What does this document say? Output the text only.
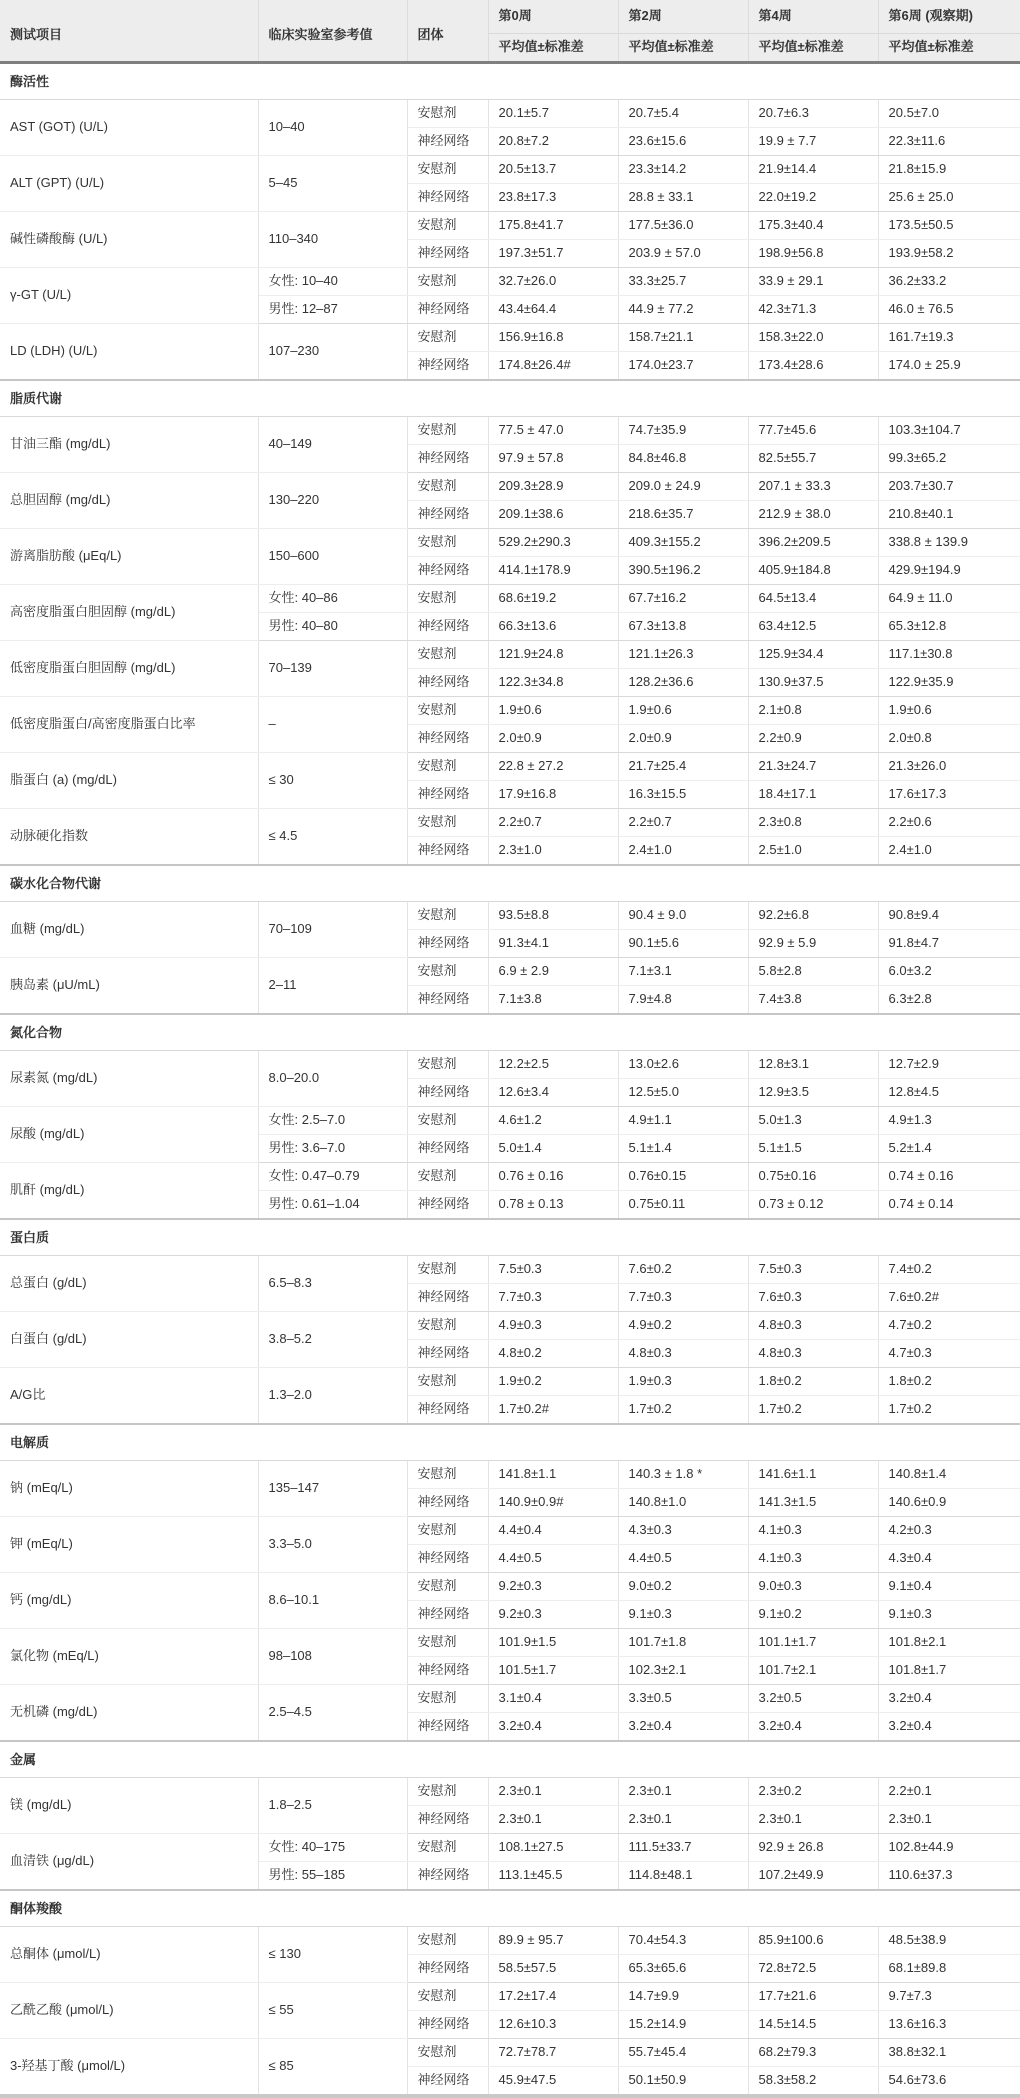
测试项目	临床实验室参考值	团体	第0周	第2周	第4周	第6周 (观察期)
			平均值±标准差	平均值±标准差	平均值±标准差	平均值±标准差
酶活性						
AST (GOT) (U/L)	10–40	安慰剂	20.1±5.7	20.7±5.4	20.7±6.3	20.5±7.0
		神经网络	20.8±7.2	23.6±15.6	19.9 ± 7.7	22.3±11.6
ALT (GPT) (U/L)	5–45	安慰剂	20.5±13.7	23.3±14.2	21.9±14.4	21.8±15.9
		神经网络	23.8±17.3	28.8 ± 33.1	22.0±19.2	25.6 ± 25.0
碱性磷酸酶 (U/L)	110–340	安慰剂	175.8±41.7	177.5±36.0	175.3±40.4	173.5±50.5
		神经网络	197.3±51.7	203.9 ± 57.0	198.9±56.8	193.9±58.2
γ-GT (U/L)	女性: 10–40	安慰剂	32.7±26.0	33.3±25.7	33.9 ± 29.1	36.2±33.2
	男性: 12–87	神经网络	43.4±64.4	44.9 ± 77.2	42.3±71.3	46.0 ± 76.5
LD (LDH) (U/L)	107–230	安慰剂	156.9±16.8	158.7±21.1	158.3±22.0	161.7±19.3
		神经网络	174.8±26.4#	174.0±23.7	173.4±28.6	174.0 ± 25.9
脂质代谢						
甘油三酯 (mg/dL)	40–149	安慰剂	77.5 ± 47.0	74.7±35.9	77.7±45.6	103.3±104.7
		神经网络	97.9 ± 57.8	84.8±46.8	82.5±55.7	99.3±65.2
总胆固醇 (mg/dL)	130–220	安慰剂	209.3±28.9	209.0 ± 24.9	207.1 ± 33.3	203.7±30.7
		神经网络	209.1±38.6	218.6±35.7	212.9 ± 38.0	210.8±40.1
游离脂肪酸 (μEq/L)	150–600	安慰剂	529.2±290.3	409.3±155.2	396.2±209.5	338.8 ± 139.9
		神经网络	414.1±178.9	390.5±196.2	405.9±184.8	429.9±194.9
高密度脂蛋白胆固醇 (mg/dL)	女性: 40–86	安慰剂	68.6±19.2	67.7±16.2	64.5±13.4	64.9 ± 11.0
	男性: 40–80	神经网络	66.3±13.6	67.3±13.8	63.4±12.5	65.3±12.8
低密度脂蛋白胆固醇 (mg/dL)	70–139	安慰剂	121.9±24.8	121.1±26.3	125.9±34.4	117.1±30.8
		神经网络	122.3±34.8	128.2±36.6	130.9±37.5	122.9±35.9
低密度脂蛋白/高密度脂蛋白比率	–	安慰剂	1.9±0.6	1.9±0.6	2.1±0.8	1.9±0.6
		神经网络	2.0±0.9	2.0±0.9	2.2±0.9	2.0±0.8
脂蛋白 (a) (mg/dL)	≤ 30	安慰剂	22.8 ± 27.2	21.7±25.4	21.3±24.7	21.3±26.0
		神经网络	17.9±16.8	16.3±15.5	18.4±17.1	17.6±17.3
动脉硬化指数	≤ 4.5	安慰剂	2.2±0.7	2.2±0.7	2.3±0.8	2.2±0.6
		神经网络	2.3±1.0	2.4±1.0	2.5±1.0	2.4±1.0
碳水化合物代谢						
血糖 (mg/dL)	70–109	安慰剂	93.5±8.8	90.4 ± 9.0	92.2±6.8	90.8±9.4
		神经网络	91.3±4.1	90.1±5.6	92.9 ± 5.9	91.8±4.7
胰岛素 (μU/mL)	2–11	安慰剂	6.9 ± 2.9	7.1±3.1	5.8±2.8	6.0±3.2
		神经网络	7.1±3.8	7.9±4.8	7.4±3.8	6.3±2.8
氮化合物						
尿素氮 (mg/dL)	8.0–20.0	安慰剂	12.2±2.5	13.0±2.6	12.8±3.1	12.7±2.9
		神经网络	12.6±3.4	12.5±5.0	12.9±3.5	12.8±4.5
尿酸 (mg/dL)	女性: 2.5–7.0	安慰剂	4.6±1.2	4.9±1.1	5.0±1.3	4.9±1.3
	男性: 3.6–7.0	神经网络	5.0±1.4	5.1±1.4	5.1±1.5	5.2±1.4
肌酐 (mg/dL)	女性: 0.47–0.79	安慰剂	0.76 ± 0.16	0.76±0.15	0.75±0.16	0.74 ± 0.16
	男性: 0.61–1.04	神经网络	0.78 ± 0.13	0.75±0.11	0.73 ± 0.12	0.74 ± 0.14
蛋白质						
总蛋白 (g/dL)	6.5–8.3	安慰剂	7.5±0.3	7.6±0.2	7.5±0.3	7.4±0.2
		神经网络	7.7±0.3	7.7±0.3	7.6±0.3	7.6±0.2#
白蛋白 (g/dL)	3.8–5.2	安慰剂	4.9±0.3	4.9±0.2	4.8±0.3	4.7±0.2
		神经网络	4.8±0.2	4.8±0.3	4.8±0.3	4.7±0.3
A/G比	1.3–2.0	安慰剂	1.9±0.2	1.9±0.3	1.8±0.2	1.8±0.2
		神经网络	1.7±0.2#	1.7±0.2	1.7±0.2	1.7±0.2
电解质						
钠 (mEq/L)	135–147	安慰剂	141.8±1.1	140.3 ± 1.8 *	141.6±1.1	140.8±1.4
		神经网络	140.9±0.9#	140.8±1.0	141.3±1.5	140.6±0.9
钾 (mEq/L)	3.3–5.0	安慰剂	4.4±0.4	4.3±0.3	4.1±0.3	4.2±0.3
		神经网络	4.4±0.5	4.4±0.5	4.1±0.3	4.3±0.4
钙 (mg/dL)	8.6–10.1	安慰剂	9.2±0.3	9.0±0.2	9.0±0.3	9.1±0.4
		神经网络	9.2±0.3	9.1±0.3	9.1±0.2	9.1±0.3
氯化物 (mEq/L)	98–108	安慰剂	101.9±1.5	101.7±1.8	101.1±1.7	101.8±2.1
		神经网络	101.5±1.7	102.3±2.1	101.7±2.1	101.8±1.7
无机磷 (mg/dL)	2.5–4.5	安慰剂	3.1±0.4	3.3±0.5	3.2±0.5	3.2±0.4
		神经网络	3.2±0.4	3.2±0.4	3.2±0.4	3.2±0.4
金属						
镁 (mg/dL)	1.8–2.5	安慰剂	2.3±0.1	2.3±0.1	2.3±0.2	2.2±0.1
		神经网络	2.3±0.1	2.3±0.1	2.3±0.1	2.3±0.1
血清铁 (μg/dL)	女性: 40–175	安慰剂	108.1±27.5	111.5±33.7	92.9 ± 26.8	102.8±44.9
	男性: 55–185	神经网络	113.1±45.5	114.8±48.1	107.2±49.9	110.6±37.3
酮体羧酸						
总酮体 (μmol/L)	≤ 130	安慰剂	89.9 ± 95.7	70.4±54.3	85.9±100.6	48.5±38.9
		神经网络	58.5±57.5	65.3±65.6	72.8±72.5	68.1±89.8
乙酰乙酸 (μmol/L)	≤ 55	安慰剂	17.2±17.4	14.7±9.9	17.7±21.6	9.7±7.3
		神经网络	12.6±10.3	15.2±14.9	14.5±14.5	13.6±16.3
3-羟基丁酸 (μmol/L)	≤ 85	安慰剂	72.7±78.7	55.7±45.4	68.2±79.3	38.8±32.1
		神经网络	45.9±47.5	50.1±50.9	58.3±58.2	54.6±73.6
